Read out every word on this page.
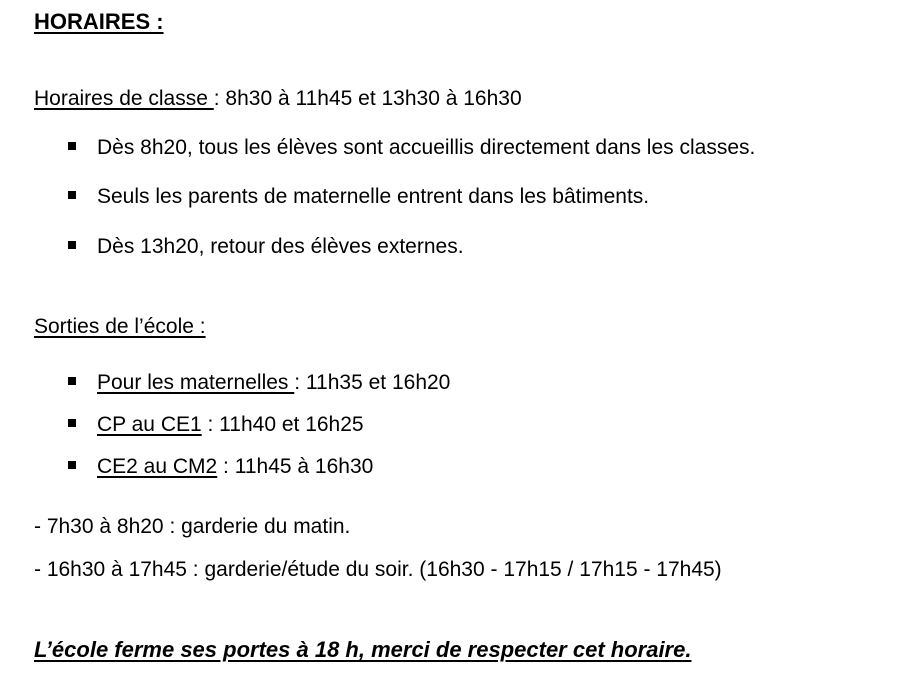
HORAIRES :
Horaires de classe : 8h30 à 11h45 et 13h30 à 16h30
Dès 8h20, tous les élèves sont accueillis directement dans les classes.
Seuls les parents de maternelle entrent dans les bâtiments.
Dès 13h20, retour des élèves externes.
Sorties de l’école :
Pour les maternelles : 11h35 et 16h20
CP au CE1 : 11h40 et 16h25
CE2 au CM2 : 11h45 à 16h30
- 7h30 à 8h20 : garderie du matin.
- 16h30 à 17h45 : garderie/étude du soir. (16h30 - 17h15 / 17h15 - 17h45)
L’école ferme ses portes à 18 h, merci de respecter cet horaire.
